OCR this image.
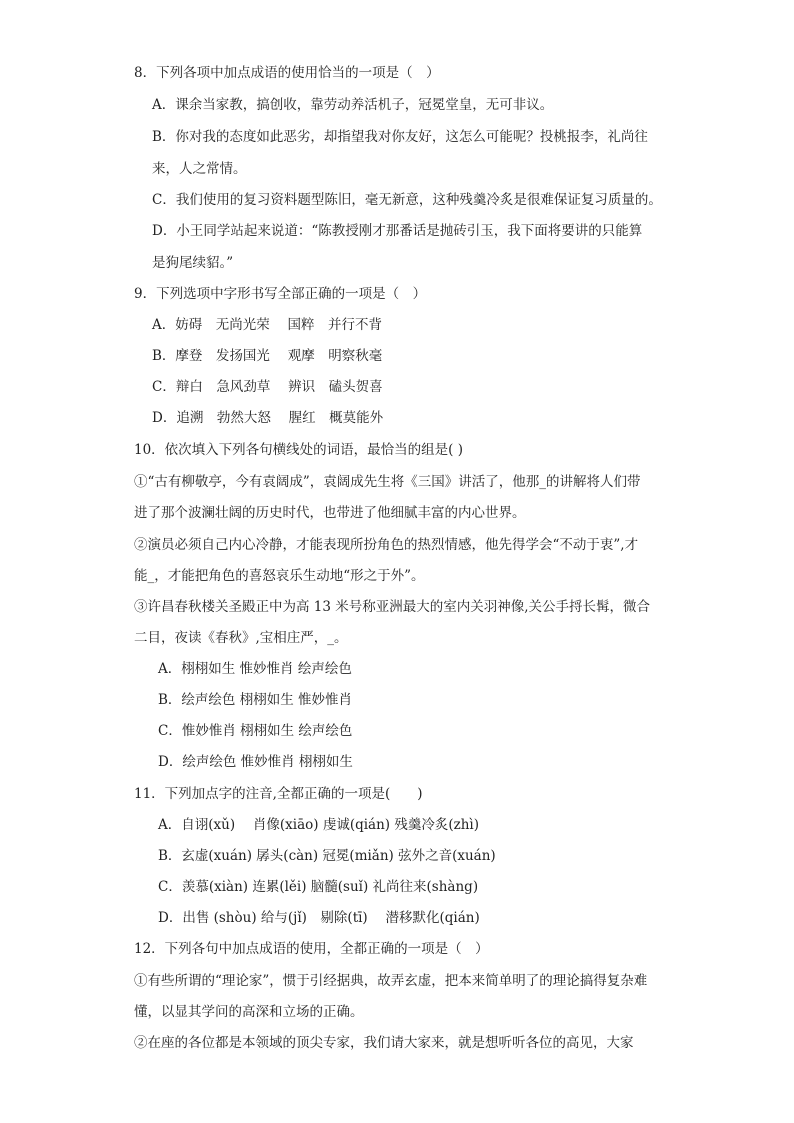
8．下列各项中加点成语的使用恰当的一项是（　）
A．课余当家教，搞创收，靠劳动养活机子，冠冕堂皇，无可非议。
B．你对我的态度如此恶劣，却指望我对你友好，这怎么可能呢？投桃报李，礼尚往
来，人之常情。
C．我们使用的复习资料题型陈旧，毫无新意，这种残羹冷炙是很难保证复习质量的。
D．小王同学站起来说道：“陈教授刚才那番话是抛砖引玉，我下面将要讲的只能算
是狗尾续貂。”
9．下列选项中字形书写全部正确的一项是（　）
A．妨碍　无尚光荣　 国粹　并行不背
B．摩登　发扬国光　 观摩　明察秋毫
C．辩白　急风劲草　 辨识　磕头贺喜
D．追溯　勃然大怒　 腥红　概莫能外
10．依次填入下列各句横线处的词语，最恰当的组是( )
①“古有柳敬亭，今有袁阔成”，袁阔成先生将《三国》讲活了，他那_的讲解将人们带
进了那个波澜壮阔的历史时代，也带进了他细腻丰富的内心世界。
②演员必须自己内心冷静，才能表现所扮角色的热烈情感，他先得学会“不动于衷”,才
能_，才能把角色的喜怒哀乐生动地“形之于外”。
③许昌春秋楼关圣殿正中为高 13 米号称亚洲最大的室内关羽神像,关公手捋长髯，微合
二目，夜读《春秋》,宝相庄严，_。
A．栩栩如生 惟妙惟肖 绘声绘色
B．绘声绘色 栩栩如生 惟妙惟肖
C．惟妙惟肖 栩栩如生 绘声绘色
D．绘声绘色 惟妙惟肖 栩栩如生
11．下列加点字的注音,全都正确的一项是(　　)
A．自诩(xǔ)　 肖像(xiāo) 虔诚(qián) 残羹冷炙(zhì)
B．玄虚(xuán) 孱头(càn) 冠冕(miǎn) 弦外之音(xuán)
C．羡慕(xiàn) 连累(lěi) 脑髓(suǐ) 礼尚往来(shàng)
D．出售 (shòu) 给与(jǐ)　剔除(tī)　 潜移默化(qián)
12．下列各句中加点成语的使用，全都正确的一项是（　）
①有些所谓的“理论家”，惯于引经据典，故弄玄虚，把本来简单明了的理论搞得复杂难
懂，以显其学问的高深和立场的正确。
②在座的各位都是本领域的顶尖专家，我们请大家来，就是想听听各位的高见，大家
